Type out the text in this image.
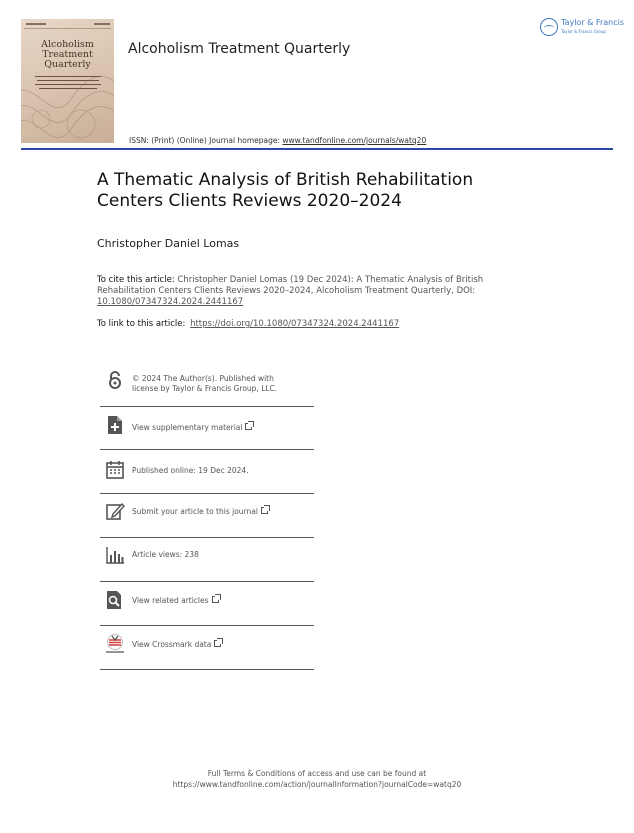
Alcoholism
Treatment
Quarterly
Alcoholism Treatment Quarterly
Taylor & Francis
Taylor & Francis Group
ISSN: (Print) (Online) Journal homepage: www.tandfonline.com/journals/watq20
A Thematic Analysis of British Rehabilitation Centers Clients Reviews 2020–2024
Christopher Daniel Lomas
To cite this article: Christopher Daniel Lomas (19 Dec 2024): A Thematic Analysis of British Rehabilitation Centers Clients Reviews 2020–2024, Alcoholism Treatment Quarterly, DOI: 10.1080/07347324.2024.2441167
To link to this article: https://doi.org/10.1080/07347324.2024.2441167
© 2024 The Author(s). Published with
license by Taylor & Francis Group, LLC.
View supplementary material
Published online: 19 Dec 2024.
Submit your article to this journal
Article views: 238
View related articles
View Crossmark data
Full Terms & Conditions of access and use can be found at
https://www.tandfonline.com/action/journalInformation?journalCode=watq20
